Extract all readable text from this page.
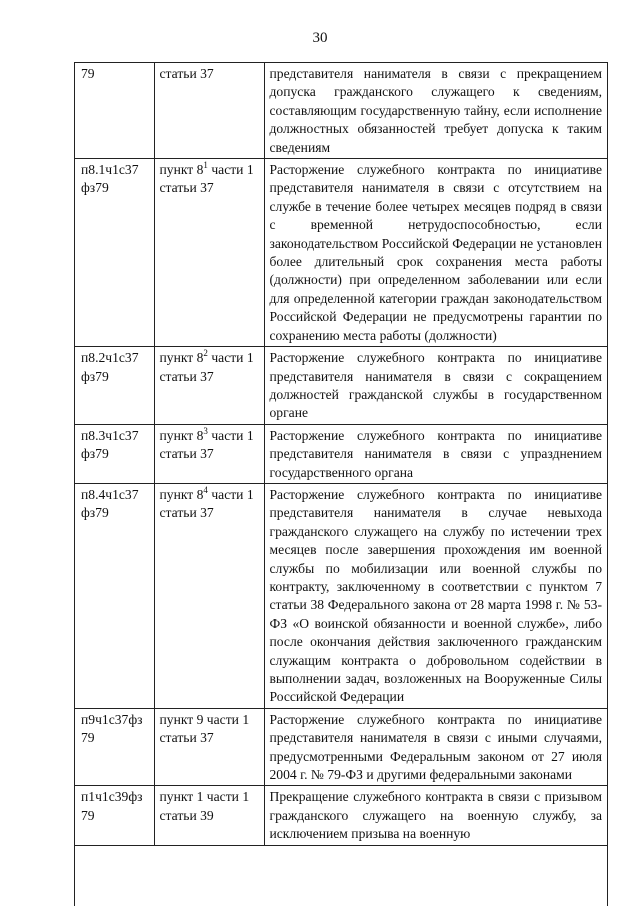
30
79	статьи 37	представителя нанимателя в связи с прекращением допуска гражданского служащего к сведениям, составляющим государственную тайну, если исполнение должностных обязанностей требует допуска к таким сведениям
п8.1ч1с37 фз79	пункт $8^1$ части 1 статьи 37	Расторжение служебного контракта по инициативе представителя нанимателя в связи с отсутствием на службе в течение более четырех месяцев подряд в связи с временной нетрудоспособностью, если законодательством Российской Федерации не установлен более длительный срок сохранения места работы (должности) при определенном заболевании или если для определенной категории граждан законодательством Российской Федерации не предусмотрены гарантии по сохранению места работы (должности)
п8.2ч1с37 фз79	пункт $8^2$ части 1 статьи 37	Расторжение служебного контракта по инициативе представителя нанимателя в связи с сокращением должностей гражданской службы в государственном органе
п8.3ч1с37 фз79	пункт $8^3$ части 1 статьи 37	Расторжение служебного контракта по инициативе представителя нанимателя в связи с упразднением государственного органа
п8.4ч1с37 фз79	пункт $8^4$ части 1 статьи 37	Расторжение служебного контракта по инициативе представителя нанимателя в случае невыхода гражданского служащего на службу по истечении трех месяцев после завершения прохождения им военной службы по мобилизации или военной службы по контракту, заключенному в соответствии с пунктом 7 статьи 38 Федерального закона от 28 марта 1998 г. № 53-ФЗ «О воинской обязанности и военной службе», либо после окончания действия заключенного гражданским служащим контракта о добровольном содействии в выполнении задач, возложенных на Вооруженные Силы Российской Федерации
п9ч1с37фз 79	пункт 9 части 1 статьи 37	Расторжение служебного контракта по инициативе представителя нанимателя в связи с иными случаями, предусмотренными Федеральным законом от 27 июля 2004 г. № 79-ФЗ и другими федеральными законами
п1ч1с39фз 79	пункт 1 части 1 статьи 39	Прекращение служебного контракта в связи с призывом гражданского служащего на военную службу, за исключением призыва на военную
